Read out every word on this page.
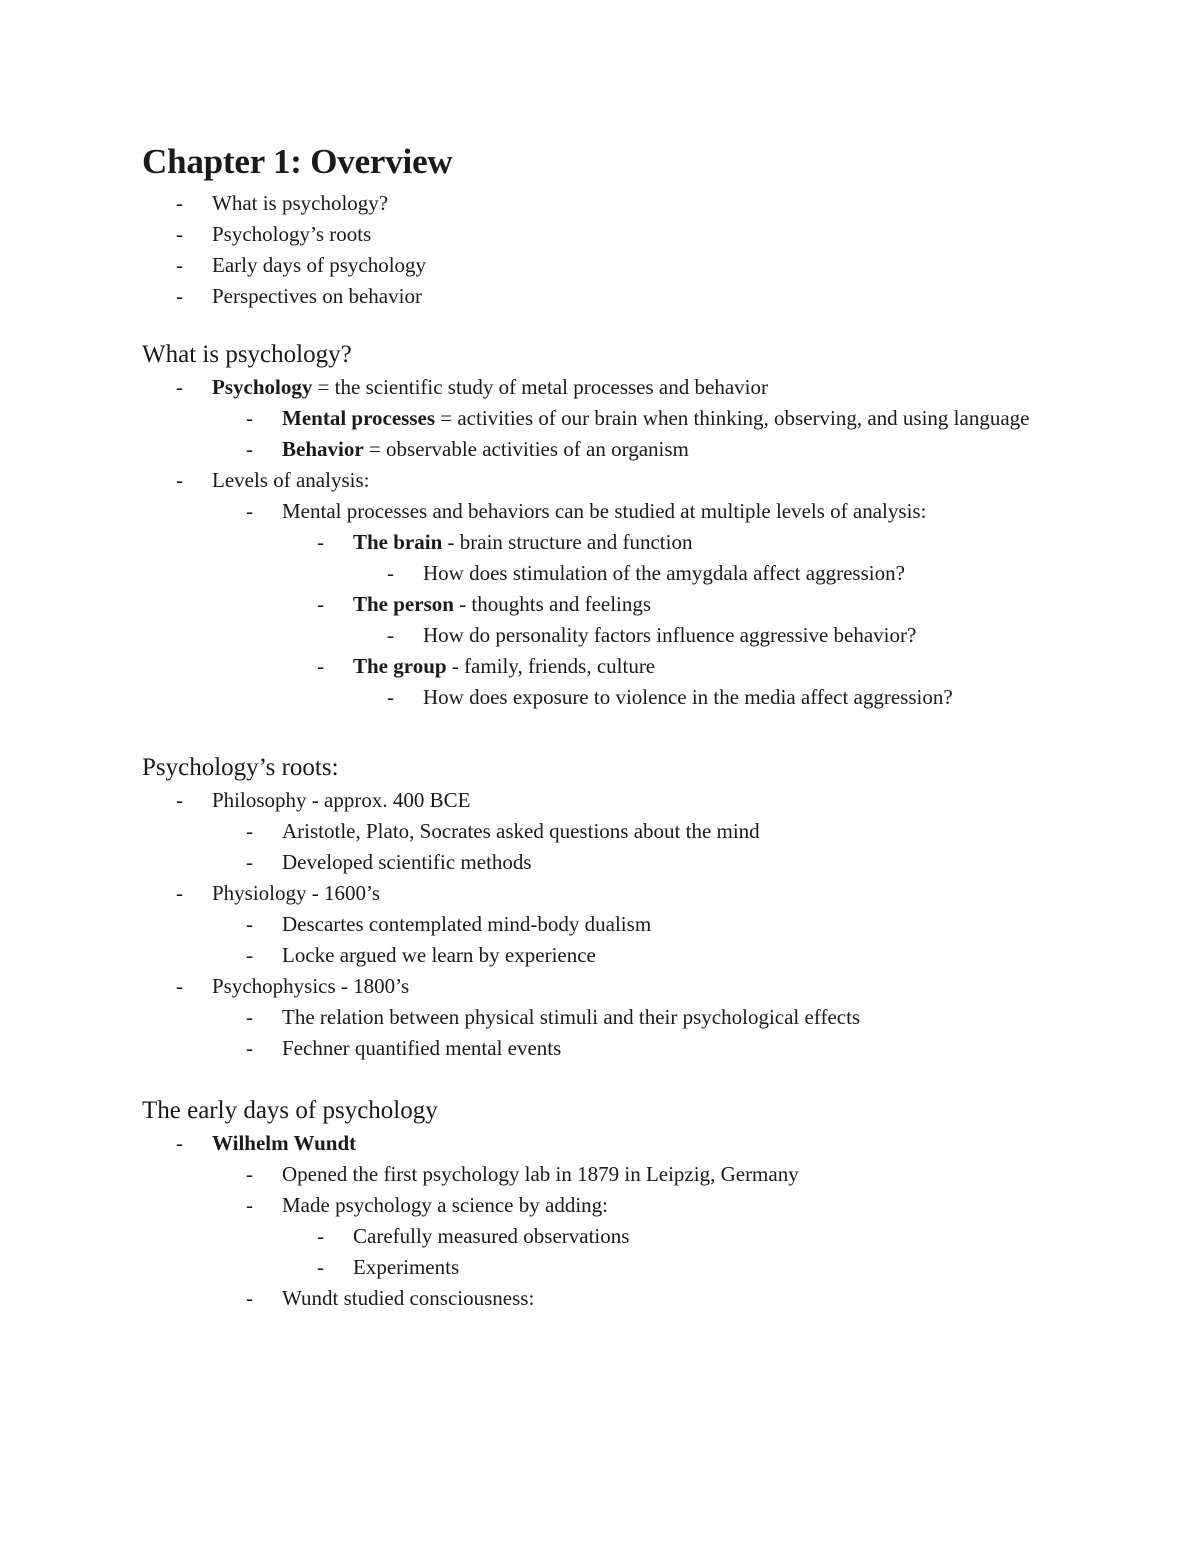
Chapter 1: Overview
-	What is psychology?
-	Psychology’s roots
-	Early days of psychology
-	Perspectives on behavior
What is psychology?
-	Psychology = the scientific study of metal processes and behavior
-	Mental processes = activities of our brain when thinking, observing, and using language
-	Behavior = observable activities of an organism
-	Levels of analysis:
-	Mental processes and behaviors can be studied at multiple levels of analysis:
-	The brain - brain structure and function
-	How does stimulation of the amygdala affect aggression?
-	The person - thoughts and feelings
-	How do personality factors influence aggressive behavior?
-	The group - family, friends, culture
-	How does exposure to violence in the media affect aggression?
Psychology’s roots:
-	Philosophy - approx. 400 BCE
-	Aristotle, Plato, Socrates asked questions about the mind
-	Developed scientific methods
-	Physiology - 1600’s
-	Descartes contemplated mind-body dualism
-	Locke argued we learn by experience
-	Psychophysics - 1800’s
-	The relation between physical stimuli and their psychological effects
-	Fechner quantified mental events
The early days of psychology
-	Wilhelm Wundt
-	Opened the first psychology lab in 1879 in Leipzig, Germany
-	Made psychology a science by adding:
-	Carefully measured observations
-	Experiments
-	Wundt studied consciousness:
